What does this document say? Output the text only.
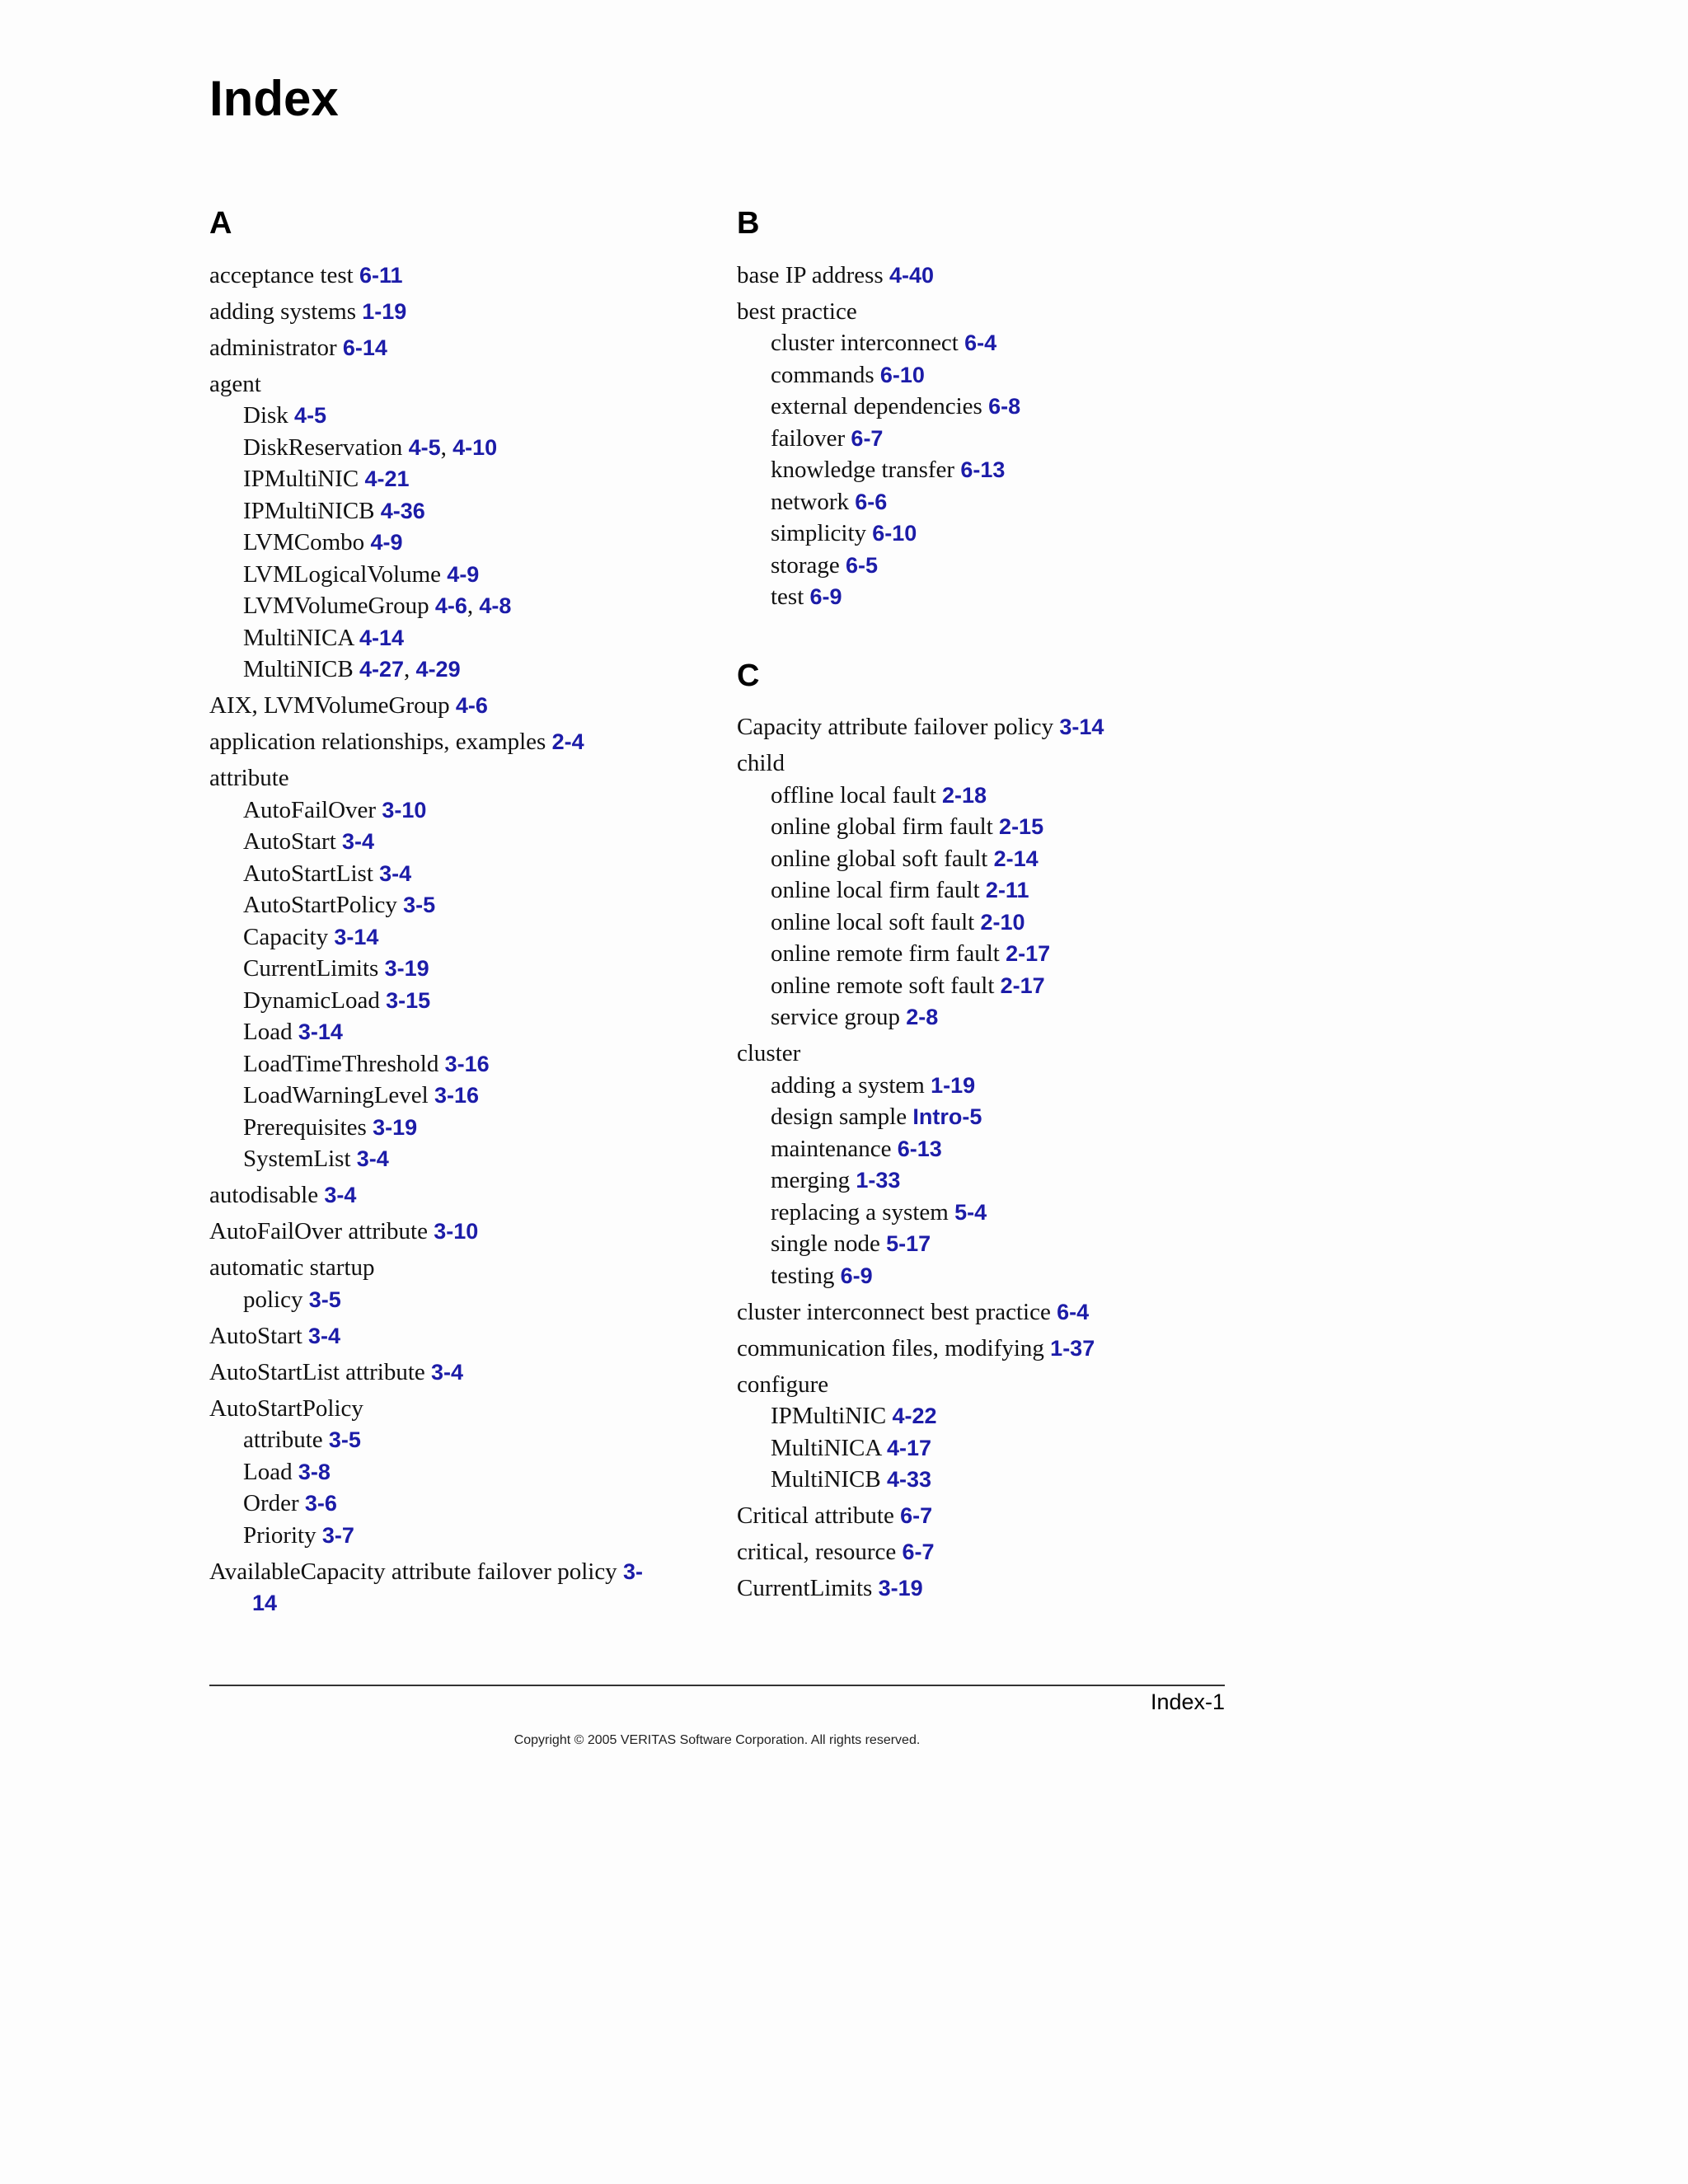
Index
A
acceptance test 6-11
adding systems 1-19
administrator 6-14
agent
Disk 4-5
DiskReservation 4-5, 4-10
IPMultiNIC 4-21
IPMultiNICB 4-36
LVMCombo 4-9
LVMLogicalVolume 4-9
LVMVolumeGroup 4-6, 4-8
MultiNICA 4-14
MultiNICB 4-27, 4-29
AIX, LVMVolumeGroup 4-6
application relationships, examples 2-4
attribute
AutoFailOver 3-10
AutoStart 3-4
AutoStartList 3-4
AutoStartPolicy 3-5
Capacity 3-14
CurrentLimits 3-19
DynamicLoad 3-15
Load 3-14
LoadTimeThreshold 3-16
LoadWarningLevel 3-16
Prerequisites 3-19
SystemList 3-4
autodisable 3-4
AutoFailOver attribute 3-10
automatic startup
policy 3-5
AutoStart 3-4
AutoStartList attribute 3-4
AutoStartPolicy
attribute 3-5
Load 3-8
Order 3-6
Priority 3-7
AvailableCapacity attribute failover policy 3-
14
B
base IP address 4-40
best practice
cluster interconnect 6-4
commands 6-10
external dependencies 6-8
failover 6-7
knowledge transfer 6-13
network 6-6
simplicity 6-10
storage 6-5
test 6-9
C
Capacity attribute failover policy 3-14
child
offline local fault 2-18
online global firm fault 2-15
online global soft fault 2-14
online local firm fault 2-11
online local soft fault 2-10
online remote firm fault 2-17
online remote soft fault 2-17
service group 2-8
cluster
adding a system 1-19
design sample Intro-5
maintenance 6-13
merging 1-33
replacing a system 5-4
single node 5-17
testing 6-9
cluster interconnect best practice 6-4
communication files, modifying 1-37
configure
IPMultiNIC 4-22
MultiNICA 4-17
MultiNICB 4-33
Critical attribute 6-7
critical, resource 6-7
CurrentLimits 3-19
Index-1
Copyright © 2005 VERITAS Software Corporation. All rights reserved.
